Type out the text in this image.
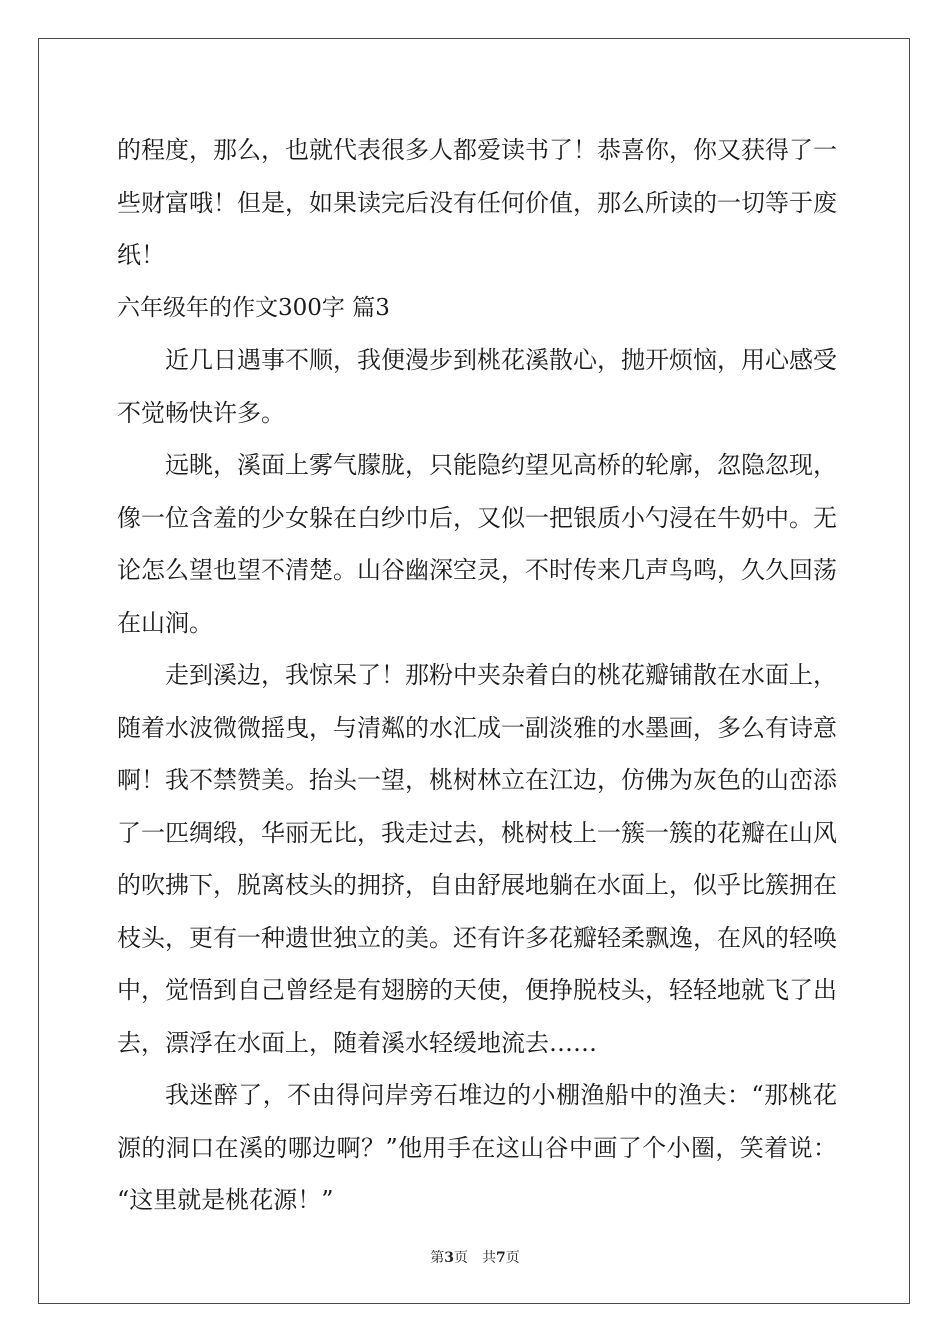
的程度，那么，也就代表很多人都爱读书了！恭喜你，你又获得了一
些财富哦！但是，如果读完后没有任何价值，那么所读的一切等于废
纸！
六年级年的作文300字 篇3
近几日遇事不顺，我便漫步到桃花溪散心，抛开烦恼，用心感受
不觉畅快许多。
远眺，溪面上雾气朦胧，只能隐约望见高桥的轮廓，忽隐忽现，
像一位含羞的少女躲在白纱巾后，又似一把银质小勺浸在牛奶中。无
论怎么望也望不清楚。山谷幽深空灵，不时传来几声鸟鸣，久久回荡
在山涧。
走到溪边，我惊呆了！那粉中夹杂着白的桃花瓣铺散在水面上，
随着水波微微摇曳，与清粼的水汇成一副淡雅的水墨画，多么有诗意
啊！我不禁赞美。抬头一望，桃树林立在江边，仿佛为灰色的山峦添
了一匹绸缎，华丽无比，我走过去，桃树枝上一簇一簇的花瓣在山风
的吹拂下，脱离枝头的拥挤，自由舒展地躺在水面上，似乎比簇拥在
枝头，更有一种遗世独立的美。还有许多花瓣轻柔飘逸，在风的轻唤
中，觉悟到自己曾经是有翅膀的天使，便挣脱枝头，轻轻地就飞了出
去，漂浮在水面上，随着溪水轻缓地流去……
我迷醉了，不由得问岸旁石堆边的小棚渔船中的渔夫：“那桃花
源的洞口在溪的哪边啊？”他用手在这山谷中画了个小圈，笑着说：
“这里就是桃花源！”
第3页 共7页
